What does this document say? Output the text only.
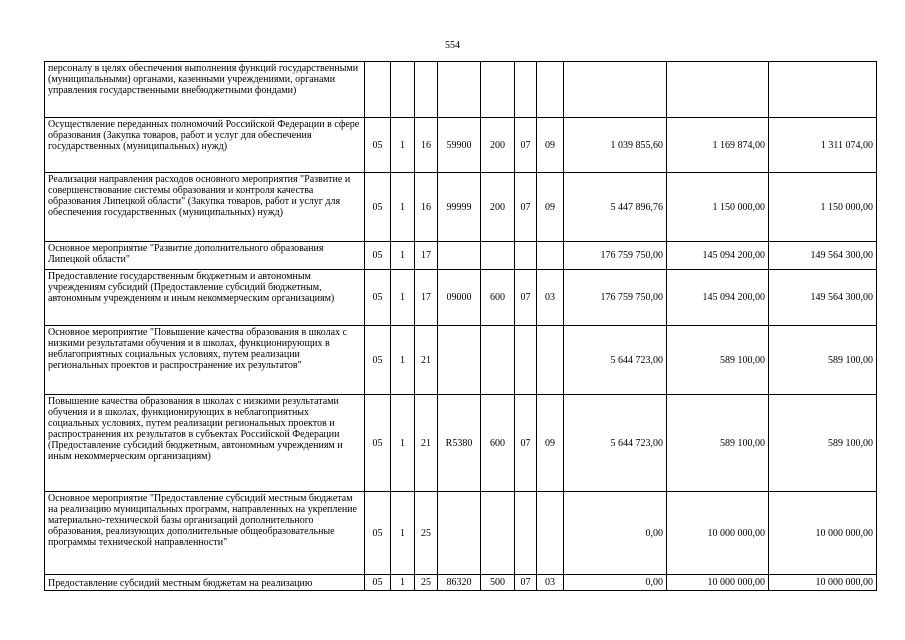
554
персоналу в целях обеспечения выполнения функций государственными (муниципальными) органами, казенными учреждениями, органами управления государственными внебюджетными фондами)										
Осуществление переданных полномочий Российской Федерации в сфере образования (Закупка товаров, работ и услуг для обеспечения государственных (муниципальных) нужд)	05	1	16	59900	200	07	09	1 039 855,60	1 169 874,00	1 311 074,00
Реализация направления расходов основного мероприятия "Развитие и совершенствование системы образования и контроля качества образования Липецкой области" (Закупка товаров, работ и услуг для обеспечения государственных (муниципальных) нужд)	05	1	16	99999	200	07	09	5 447 896,76	1 150 000,00	1 150 000,00
Основное мероприятие "Развитие дополнительного образования Липецкой области"	05	1	17					176 759 750,00	145 094 200,00	149 564 300,00
Предоставление государственным бюджетным и автономным учреждениям субсидий (Предоставление субсидий бюджетным, автономным учреждениям и иным некоммерческим организациям)	05	1	17	09000	600	07	03	176 759 750,00	145 094 200,00	149 564 300,00
Основное мероприятие "Повышение качества образования в школах с низкими результатами обучения и в школах, функционирующих в неблагоприятных социальных условиях, путем реализации региональных проектов и распространение их результатов"	05	1	21					5 644 723,00	589 100,00	589 100,00
Повышение качества образования в школах с низкими результатами обучения и в школах, функционирующих в неблагоприятных социальных условиях, путем реализации региональных проектов и распространения их результатов в субъектах Российской Федерации (Предоставление субсидий бюджетным, автономным учреждениям и иным некоммерческим организациям)	05	1	21	R5380	600	07	09	5 644 723,00	589 100,00	589 100,00
Основное мероприятие "Предоставление субсидий местным бюджетам на реализацию муниципальных программ, направленных на укрепление материально-технической базы организаций дополнительного образования, реализующих дополнительные общеобразовательные программы технической направленности"	05	1	25					0,00	10 000 000,00	10 000 000,00
Предоставление субсидий местным бюджетам на реализацию	05	1	25	86320	500	07	03	0,00	10 000 000,00	10 000 000,00
